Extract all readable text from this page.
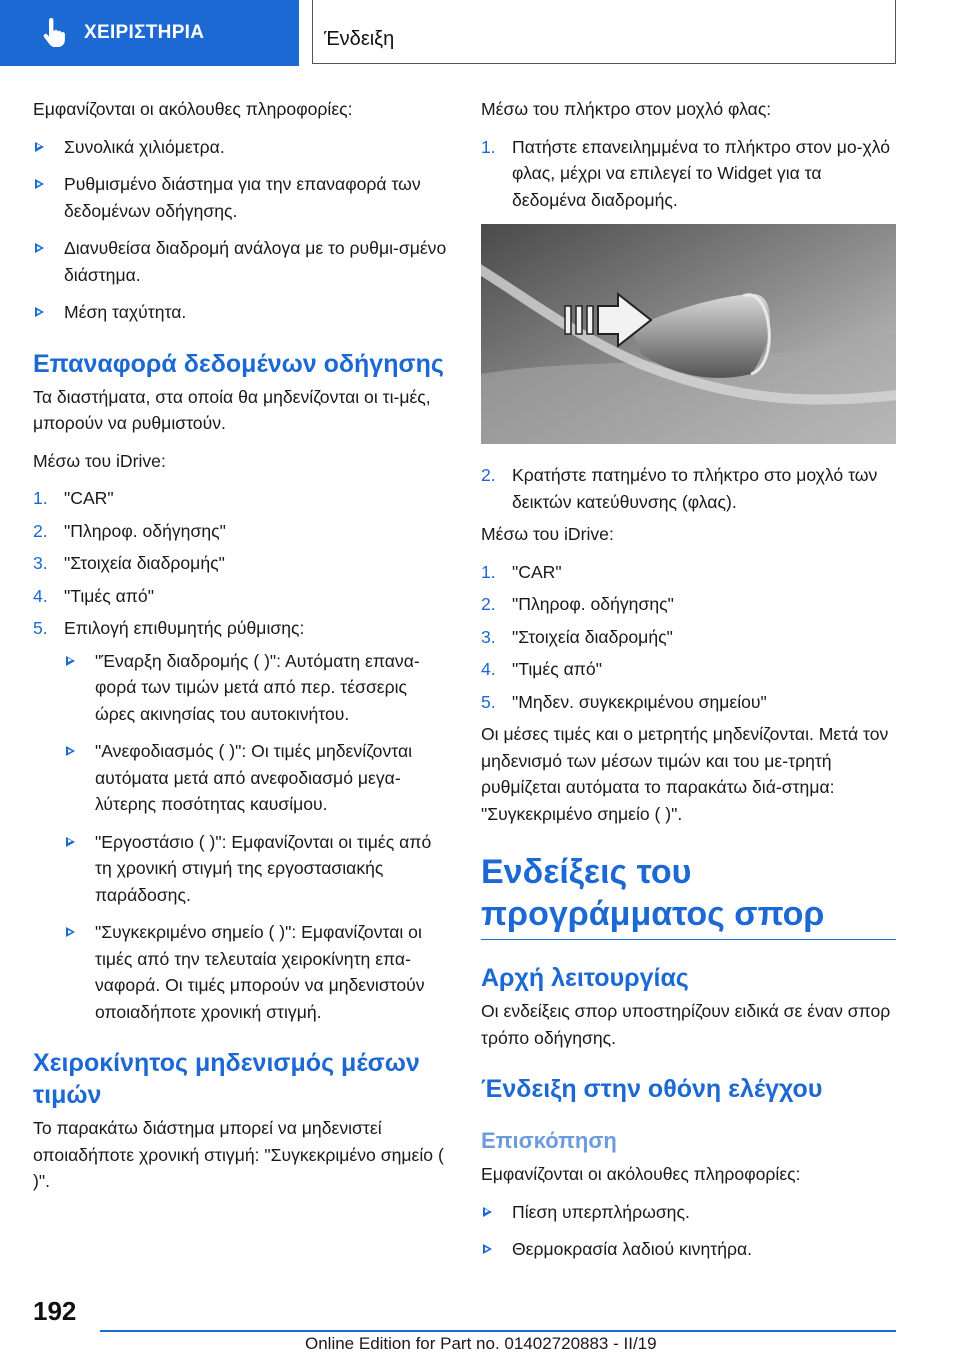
ΧΕΙΡΙΣΤΗΡΙΑ	Ένδειξη

Εμφανίζονται οι ακόλουθες πληροφορίες:

Συνολικά χιλιόμετρα.
Ρυθμισμένο διάστημα για την επαναφορά των δεδομένων οδήγησης.
Διανυθείσα διαδρομή ανάλογα με το ρυθμι-σμένο διάστημα.
Μέση ταχύτητα.
Επαναφορά δεδομένων οδήγησης

Τα διαστήματα, στα οποία θα μηδενίζονται οι τι-μές, μπορούν να ρυθμιστούν.

Μέσω του iDrive:

1. "CAR"
2. "Πληροφ. οδήγησης"
3. "Στοιχεία διαδρομής"
4. "Τιμές από"
5. Επιλογή επιθυμητής ρύθμισης:
"Έναρξη διαδρομής ( )": Αυτόματη επανα-φορά των τιμών μετά από περ. τέσσερις ώρες ακινησίας του αυτοκινήτου.
"Ανεφοδιασμός ( )": Οι τιμές μηδενίζονται αυτόματα μετά από ανεφοδιασμό μεγα-λύτερης ποσότητας καυσίμου.
"Εργοστάσιο ( )": Εμφανίζονται οι τιμές από τη χρονική στιγμή της εργοστασιακής παράδοσης.
"Συγκεκριμένο σημείο ( )": Εμφανίζονται οι τιμές από την τελευταία χειροκίνητη επα-ναφορά. Οι τιμές μπορούν να μηδενιστούν οποιαδήποτε χρονική στιγμή.
Χειροκίνητος μηδενισμός μέσων τιμών

Το παρακάτω διάστημα μπορεί να μηδενιστεί οποιαδήποτε χρονική στιγμή: "Συγκεκριμένο σημείο ( )".

Μέσω του πλήκτρο στον μοχλό φλας:

1. Πατήστε επανειλημμένα το πλήκτρο στον μο-χλό φλας, μέχρι να επιλεγεί το Widget για τα δεδομένα διαδρομής.
2. Κρατήστε πατημένο το πλήκτρο στο μοχλό των δεικτών κατεύθυνσης (φλας).

Μέσω του iDrive:

1. "CAR"
2. "Πληροφ. οδήγησης"
3. "Στοιχεία διαδρομής"
4. "Τιμές από"
5. "Μηδεν. συγκεκριμένου σημείου"

Οι μέσες τιμές και ο μετρητής μηδενίζονται. Μετά τον μηδενισμό των μέσων τιμών και του με-τρητή ρυθμίζεται αυτόματα το παρακάτω διά-στημα: "Συγκεκριμένο σημείο ( )".

Ενδείξεις του προγράμματος σπορ
Αρχή λειτουργίας

Οι ενδείξεις σπορ υποστηρίζουν ειδικά σε έναν σπορ τρόπο οδήγησης.

Ένδειξη στην οθόνη ελέγχου
Επισκόπηση

Εμφανίζονται οι ακόλουθες πληροφορίες:

Πίεση υπερπλήρωσης.
Θερμοκρασία λαδιού κινητήρα.
192
Online Edition for Part no. 01402720883 - II/19
